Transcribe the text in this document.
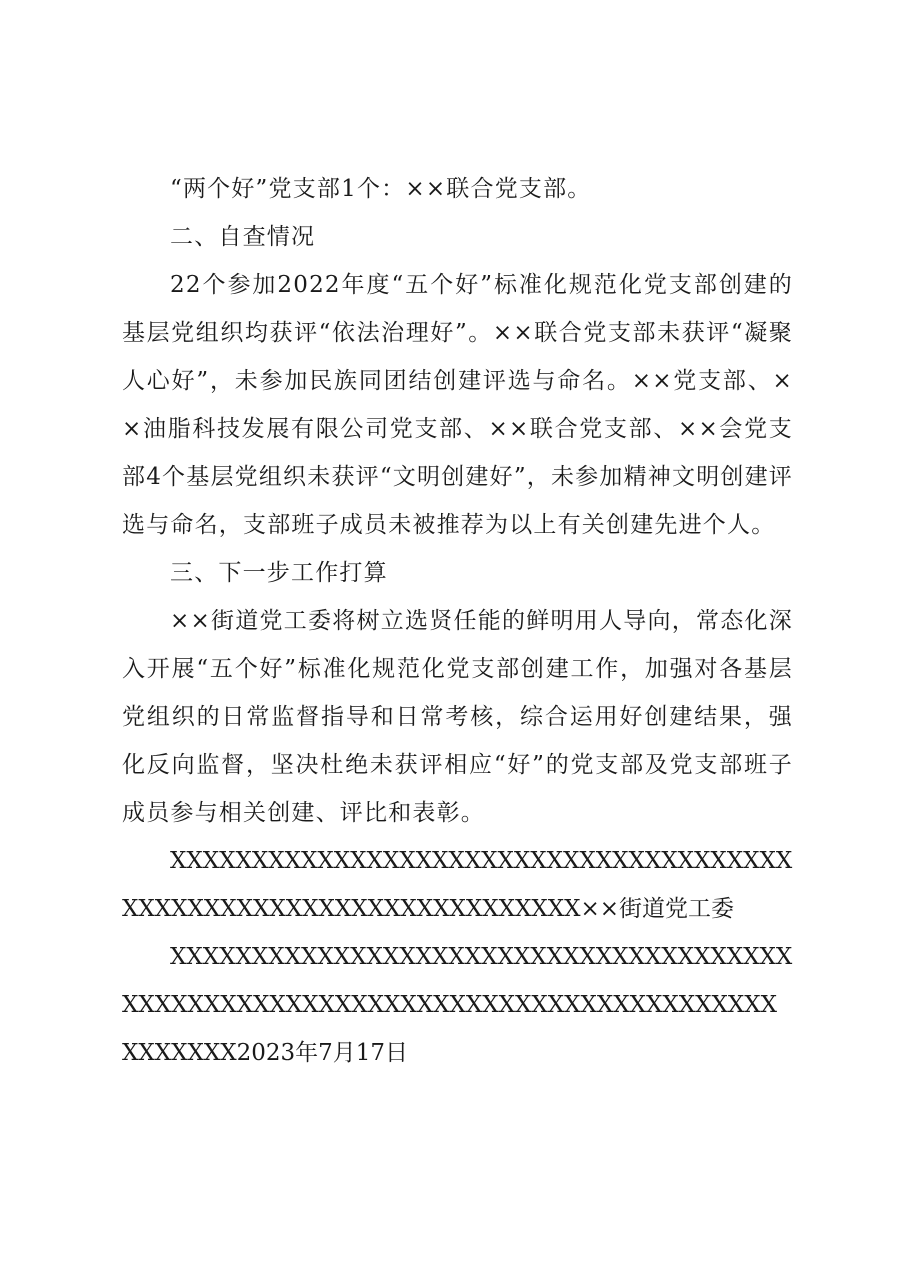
“两个好”党支部1个：××联合党支部。

二、自查情况

22个参加2022年度“五个好”标准化规范化党支部创建的基层党组织均获评“依法治理好”。××联合党支部未获评“凝聚人心好”，未参加民族同团结创建评选与命名。××党支部、××油脂科技发展有限公司党支部、××联合党支部、××会党支部4个基层党组织未获评“文明创建好”，未参加精神文明创建评选与命名，支部班子成员未被推荐为以上有关创建先进个人。

三、下一步工作打算

××街道党工委将树立选贤任能的鲜明用人导向，常态化深入开展“五个好”标准化规范化党支部创建工作，加强对各基层党组织的日常监督指导和日常考核，综合运用好创建结果，强化反向监督，坚决杜绝未获评相应“好”的党支部及党支部班子成员参与相关创建、评比和表彰。

XXXXXXXXXXXXXXXXXXXXXXXXXXXXXXXXXXXXXXXXXXXXXXXXXXXXXXXXXXXXXXXXXX××街道党工委

XXXXXXXXXXXXXXXXXXXXXXXXXXXXXXXXXXXXXXXXXXXXXXXXXXXXXXXXXXXXXXXXXXXXXXXXXXXXXXXXXXXXX2023年7月17日
